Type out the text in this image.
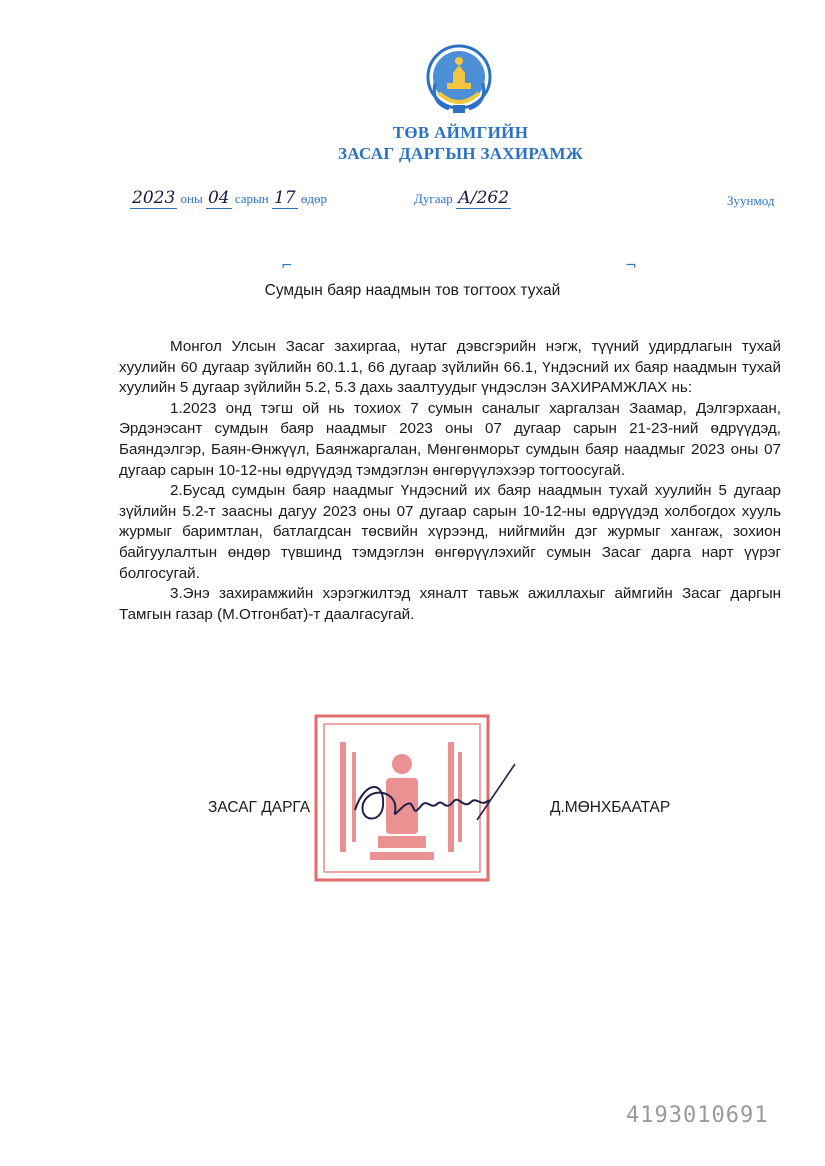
ТӨВ АЙМГИЙН
ЗАСАГ ДАРГЫН ЗАХИРАМЖ
2023 оны 04 сарын 17 өдөр	Дугаар А/262	Зуунмод
⌐	¬
Сумдын баяр наадмын тов тогтоох тухай

Монгол Улсын Засаг захиргаа, нутаг дэвсгэрийн нэгж, түүний удирдлагын тухай хуулийн 60 дугаар зүйлийн 60.1.1, 66 дугаар зүйлийн 66.1, Үндэсний их баяр наадмын тухай хуулийн 5 дугаар зүйлийн 5.2, 5.3 дахь заалтуудыг үндэслэн ЗАХИРАМЖЛАХ нь:

1.2023 онд тэгш ой нь тохиох 7 сумын саналыг харгалзан Заамар, Дэлгэрхаан, Эрдэнэсант сумдын баяр наадмыг 2023 оны 07 дугаар сарын 21-23-ний өдрүүдэд, Баяндэлгэр, Баян-Өнжүүл, Баянжаргалан, Мөнгөнморьт сумдын баяр наадмыг 2023 оны 07 дугаар сарын 10-12-ны өдрүүдэд тэмдэглэн өнгөрүүлэхээр тогтоосугай.

2.Бусад сумдын баяр наадмыг Үндэсний их баяр наадмын тухай хуулийн 5 дугаар зүйлийн 5.2-т заасны дагуу 2023 оны 07 дугаар сарын 10-12-ны өдрүүдэд холбогдох хууль журмыг баримтлан, батлагдсан төсвийн хүрээнд, нийгмийн дэг журмыг хангаж, зохион байгуулалтын өндөр түвшинд тэмдэглэн өнгөрүүлэхийг сумын Засаг дарга нарт үүрэг болгосугай.

3.Энэ захирамжийн хэрэгжилтэд хяналт тавьж ажиллахыг аймгийн Засаг даргын Тамгын газар (М.Отгонбат)-т даалгасугай.

ЗАСАГ ДАРГА	Д.МӨНХБААТАР
4193010691
